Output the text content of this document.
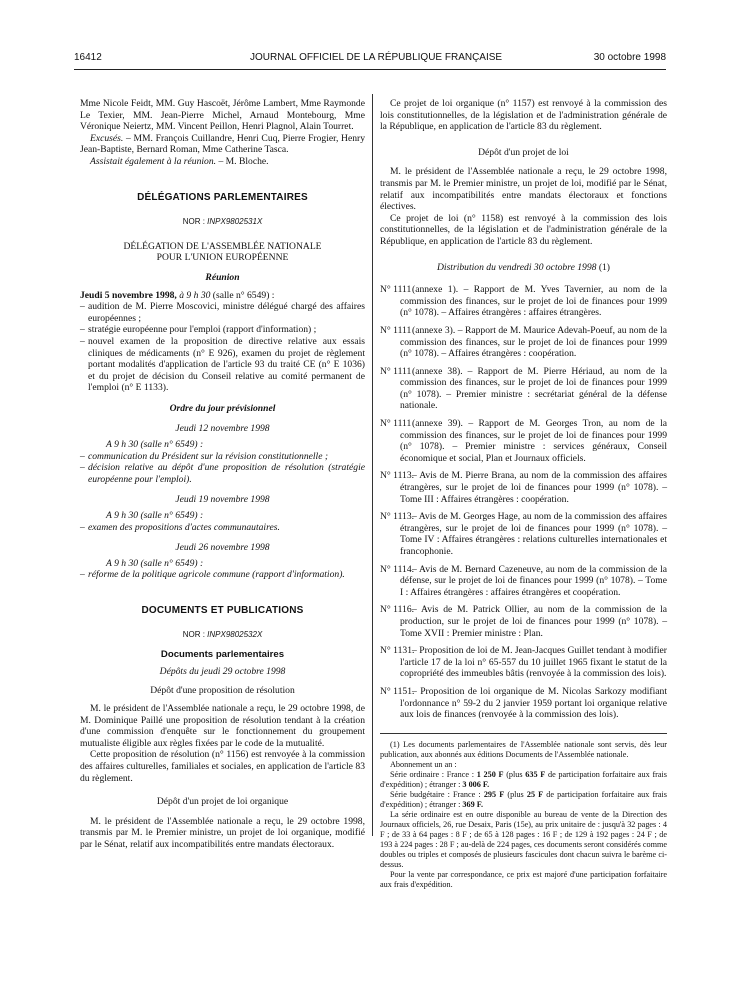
16412	JOURNAL OFFICIEL DE LA RÉPUBLIQUE FRANÇAISE	30 octobre 1998

Mme Nicole Feidt, MM. Guy Hascoët, Jérôme Lambert, Mme Raymonde Le Texier, MM. Jean-Pierre Michel, Arnaud Montebourg, Mme Véronique Neiertz, MM. Vincent Peillon, Henri Plagnol, Alain Tourret.

Excusés. – MM. François Cuillandre, Henri Cuq, Pierre Frogier, Henry Jean-Baptiste, Bernard Roman, Mme Catherine Tasca.

Assistait également à la réunion. – M. Bloche.

DÉLÉGATIONS PARLEMENTAIRES
NOR : INPX9802531X
DÉLÉGATION DE L'ASSEMBLÉE NATIONALE
POUR L'UNION EUROPÉENNE
Réunion

Jeudi 5 novembre 1998, à 9 h 30 (salle n° 6549) :

– audition de M. Pierre Moscovici, ministre délégué chargé des affaires européennes ;
– stratégie européenne pour l'emploi (rapport d'information) ;
– nouvel examen de la proposition de directive relative aux essais cliniques de médicaments (n° E 926), examen du projet de règlement portant modalités d'application de l'article 93 du traité CE (n° E 1036) et du projet de décision du Conseil relative au comité permanent de l'emploi (n° E 1133).
Ordre du jour prévisionnel
Jeudi 12 novembre 1998

A 9 h 30 (salle n° 6549) :

– communication du Président sur la révision constitutionnelle ;
– décision relative au dépôt d'une proposition de résolution (stratégie européenne pour l'emploi).
Jeudi 19 novembre 1998

A 9 h 30 (salle n° 6549) :

– examen des propositions d'actes communautaires.
Jeudi 26 novembre 1998

A 9 h 30 (salle n° 6549) :

– réforme de la politique agricole commune (rapport d'information).
DOCUMENTS ET PUBLICATIONS
NOR : INPX9802532X
Documents parlementaires
Dépôts du jeudi 29 octobre 1998
Dépôt d'une proposition de résolution

M. le président de l'Assemblée nationale a reçu, le 29 octobre 1998, de M. Dominique Paillé une proposition de résolution tendant à la création d'une commission d'enquête sur le fonctionnement du groupement mutualiste éligible aux règles fixées par le code de la mutualité.

Cette proposition de résolution (n° 1156) est renvoyée à la commission des affaires culturelles, familiales et sociales, en application de l'article 83 du règlement.

Dépôt d'un projet de loi organique

M. le président de l'Assemblée nationale a reçu, le 29 octobre 1998, transmis par M. le Premier ministre, un projet de loi organique, modifié par le Sénat, relatif aux incompatibilités entre mandats électoraux.

Ce projet de loi organique (n° 1157) est renvoyé à la commission des lois constitutionnelles, de la législation et de l'administration générale de la République, en application de l'article 83 du règlement.

Dépôt d'un projet de loi

M. le président de l'Assemblée nationale a reçu, le 29 octobre 1998, transmis par M. le Premier ministre, un projet de loi, modifié par le Sénat, relatif aux incompatibilités entre mandats électoraux et fonctions électives.

Ce projet de loi (n° 1158) est renvoyé à la commission des lois constitutionnelles, de la législation et de l'administration générale de la République, en application de l'article 83 du règlement.

Distribution du vendredi 30 octobre 1998 (1)
N° 1111 (annexe 1). – Rapport de M. Yves Tavernier, au nom de la commission des finances, sur le projet de loi de finances pour 1999 (n° 1078). – Affaires étrangères : affaires étrangères.
N° 1111 (annexe 3). – Rapport de M. Maurice Adevah-Poeuf, au nom de la commission des finances, sur le projet de loi de finances pour 1999 (n° 1078). – Affaires étrangères : coopération.
N° 1111 (annexe 38). – Rapport de M. Pierre Hériaud, au nom de la commission des finances, sur le projet de loi de finances pour 1999 (n° 1078). – Premier ministre : secrétariat général de la défense nationale.
N° 1111 (annexe 39). – Rapport de M. Georges Tron, au nom de la commission des finances, sur le projet de loi de finances pour 1999 (n° 1078). – Premier ministre : services généraux, Conseil économique et social, Plan et Journaux officiels.
N° 1113.
– Avis de M. Pierre Brana, au nom de la commission des affaires étrangères, sur le projet de loi de finances pour 1999 (n° 1078). – Tome III : Affaires étrangères : coopération.
N° 1113.
– Avis de M. Georges Hage, au nom de la commission des affaires étrangères, sur le projet de loi de finances pour 1999 (n° 1078). – Tome IV : Affaires étrangères : relations culturelles internationales et francophonie.
N° 1114.
– Avis de M. Bernard Cazeneuve, au nom de la commission de la défense, sur le projet de loi de finances pour 1999 (n° 1078). – Tome I : Affaires étrangères : affaires étrangères et coopération.
N° 1116.
– Avis de M. Patrick Ollier, au nom de la commission de la production, sur le projet de loi de finances pour 1999 (n° 1078). – Tome XVII : Premier ministre : Plan.
N° 1131.
– Proposition de loi de M. Jean-Jacques Guillet tendant à modifier l'article 17 de la loi n° 65-557 du 10 juillet 1965 fixant le statut de la copropriété des immeubles bâtis (renvoyée à la commission des lois).
N° 1151.
– Proposition de loi organique de M. Nicolas Sarkozy modifiant l'ordonnance n° 59-2 du 2 janvier 1959 portant loi organique relative aux lois de finances (renvoyée à la commission des lois).

(1) Les documents parlementaires de l'Assemblée nationale sont servis, dès leur publication, aux abonnés aux éditions Documents de l'Assemblée nationale.

Abonnement un an :

Série ordinaire : France : 1 250 F (plus 635 F de participation forfaitaire aux frais d'expédition) ; étranger : 3 006 F.

Série budgétaire : France : 295 F (plus 25 F de participation forfaitaire aux frais d'expédition) ; étranger : 369 F.

La série ordinaire est en outre disponible au bureau de vente de la Direction des Journaux officiels, 26, rue Desaix, Paris (15e), au prix unitaire de : jusqu'à 32 pages : 4 F ; de 33 à 64 pages : 8 F ; de 65 à 128 pages : 16 F ; de 129 à 192 pages : 24 F ; de 193 à 224 pages : 28 F ; au-delà de 224 pages, ces documents seront considérés comme doubles ou triples et composés de plusieurs fascicules dont chacun suivra le barème ci-dessus.

Pour la vente par correspondance, ce prix est majoré d'une participation forfaitaire aux frais d'expédition.
